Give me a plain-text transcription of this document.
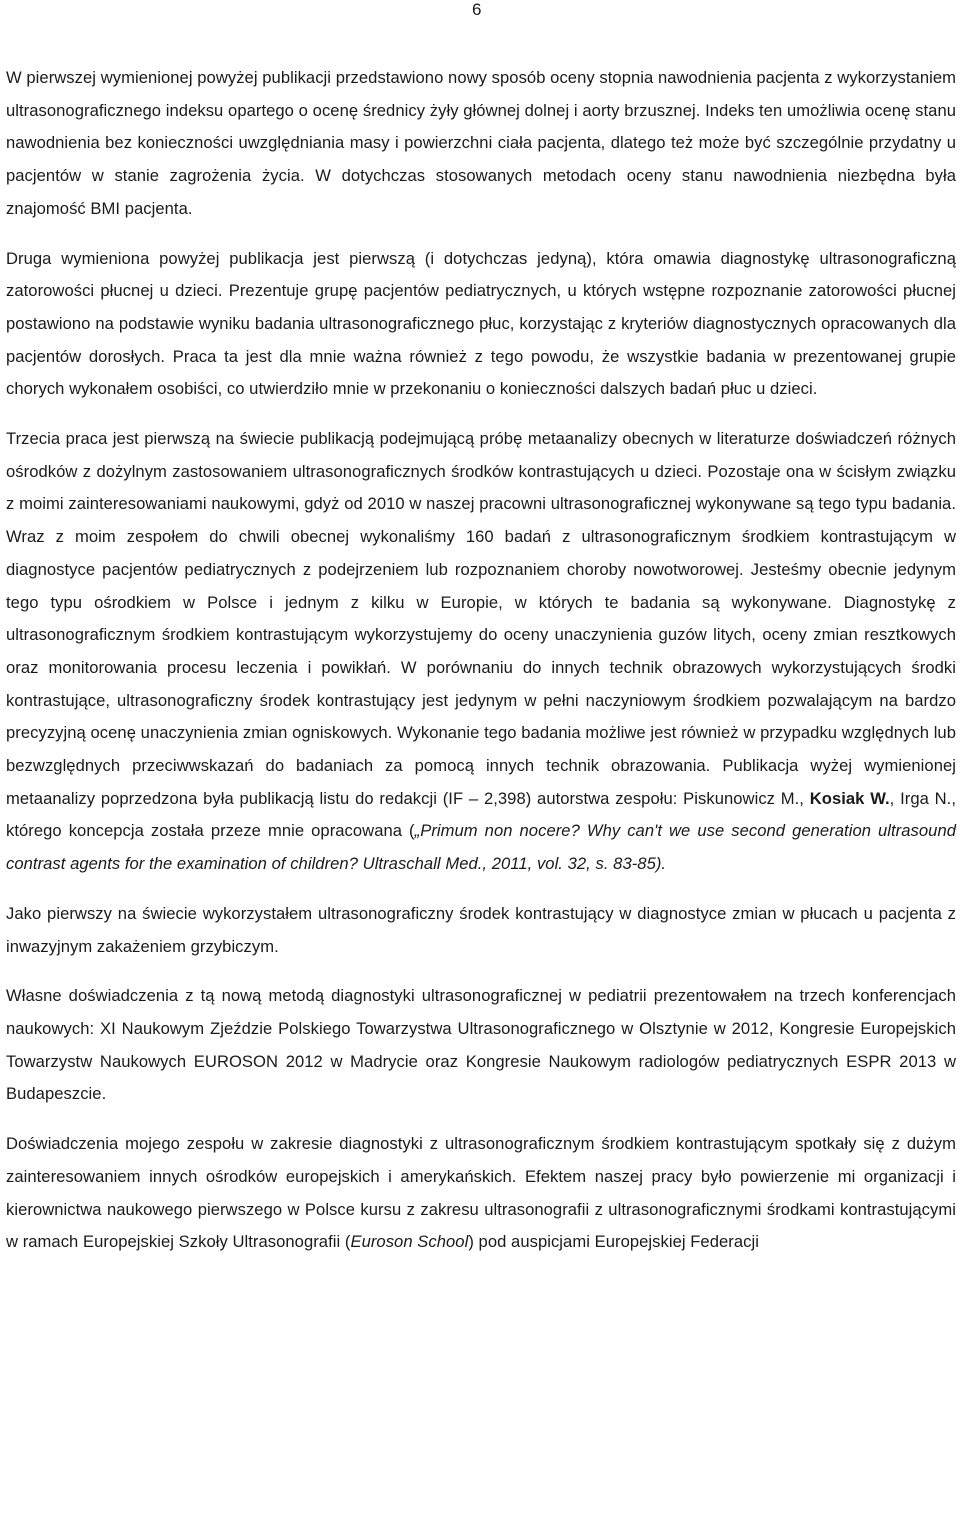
6

W pierwszej wymienionej powyżej publikacji przedstawiono nowy sposób oceny stopnia nawodnienia pacjenta z wykorzystaniem ultrasonograficznego indeksu opartego o ocenę średnicy żyły głównej dolnej i aorty brzusznej. Indeks ten umożliwia ocenę stanu nawodnienia bez konieczności uwzględniania masy i powierzchni ciała pacjenta, dlatego też może być szczególnie przydatny u pacjentów w stanie zagrożenia życia. W dotychczas stosowanych metodach oceny stanu nawodnienia niezbędna była znajomość BMI pacjenta.

Druga wymieniona powyżej publikacja jest pierwszą (i dotychczas jedyną), która omawia diagnostykę ultrasonograficzną zatorowości płucnej u dzieci. Prezentuje grupę pacjentów pediatrycznych, u których wstępne rozpoznanie zatorowości płucnej postawiono na podstawie wyniku badania ultrasonograficznego płuc, korzystając z kryteriów diagnostycznych opracowanych dla pacjentów dorosłych. Praca ta jest dla mnie ważna również z tego powodu, że wszystkie badania w prezentowanej grupie chorych wykonałem osobiści, co utwierdziło mnie w przekonaniu o konieczności dalszych badań płuc u dzieci.

Trzecia praca jest pierwszą na świecie publikacją podejmującą próbę metaanalizy obecnych w literaturze doświadczeń różnych ośrodków z dożylnym zastosowaniem ultrasonograficznych środków kontrastujących u dzieci. Pozostaje ona w ścisłym związku z moimi zainteresowaniami naukowymi, gdyż od 2010 w naszej pracowni ultrasonograficznej wykonywane są tego typu badania. Wraz z moim zespołem do chwili obecnej wykonaliśmy 160 badań z ultrasonograficznym środkiem kontrastującym w diagnostyce pacjentów pediatrycznych z podejrzeniem lub rozpoznaniem choroby nowotworowej. Jesteśmy obecnie jedynym tego typu ośrodkiem w Polsce i jednym z kilku w Europie, w których te badania są wykonywane. Diagnostykę z ultrasonograficznym środkiem kontrastującym wykorzystujemy do oceny unaczynienia guzów litych, oceny zmian resztkowych oraz monitorowania procesu leczenia i powikłań. W porównaniu do innych technik obrazowych wykorzystujących środki kontrastujące, ultrasonograficzny środek kontrastujący jest jedynym w pełni naczyniowym środkiem pozwalającym na bardzo precyzyjną ocenę unaczynienia zmian ogniskowych. Wykonanie tego badania możliwe jest również w przypadku względnych lub bezwzględnych przeciwwskazań do badaniach za pomocą innych technik obrazowania. Publikacja wyżej wymienionej metaanalizy poprzedzona była publikacją listu do redakcji (IF – 2,398) autorstwa zespołu: Piskunowicz M., Kosiak W., Irga N., którego koncepcja została przeze mnie opracowana („Primum non nocere? Why can't we use second generation ultrasound contrast agents for the examination of children? Ultraschall Med., 2011, vol. 32, s. 83-85).

Jako pierwszy na świecie wykorzystałem ultrasonograficzny środek kontrastujący w diagnostyce zmian w płucach u pacjenta z inwazyjnym zakażeniem grzybiczym.

Własne doświadczenia z tą nową metodą diagnostyki ultrasonograficznej w pediatrii prezentowałem na trzech konferencjach naukowych: XI Naukowym Zjeździe Polskiego Towarzystwa Ultrasonograficznego w Olsztynie w 2012, Kongresie Europejskich Towarzystw Naukowych EUROSON 2012 w Madrycie oraz Kongresie Naukowym radiologów pediatrycznych ESPR 2013 w Budapeszcie.

Doświadczenia mojego zespołu w zakresie diagnostyki z ultrasonograficznym środkiem kontrastującym spotkały się z dużym zainteresowaniem innych ośrodków europejskich i amerykańskich. Efektem naszej pracy było powierzenie mi organizacji i kierownictwa naukowego pierwszego w Polsce kursu z zakresu ultrasonografii z ultrasonograficznymi środkami kontrastującymi w ramach Europejskiej Szkoły Ultrasonografii (Euroson School) pod auspicjami Europejskiej Federacji
